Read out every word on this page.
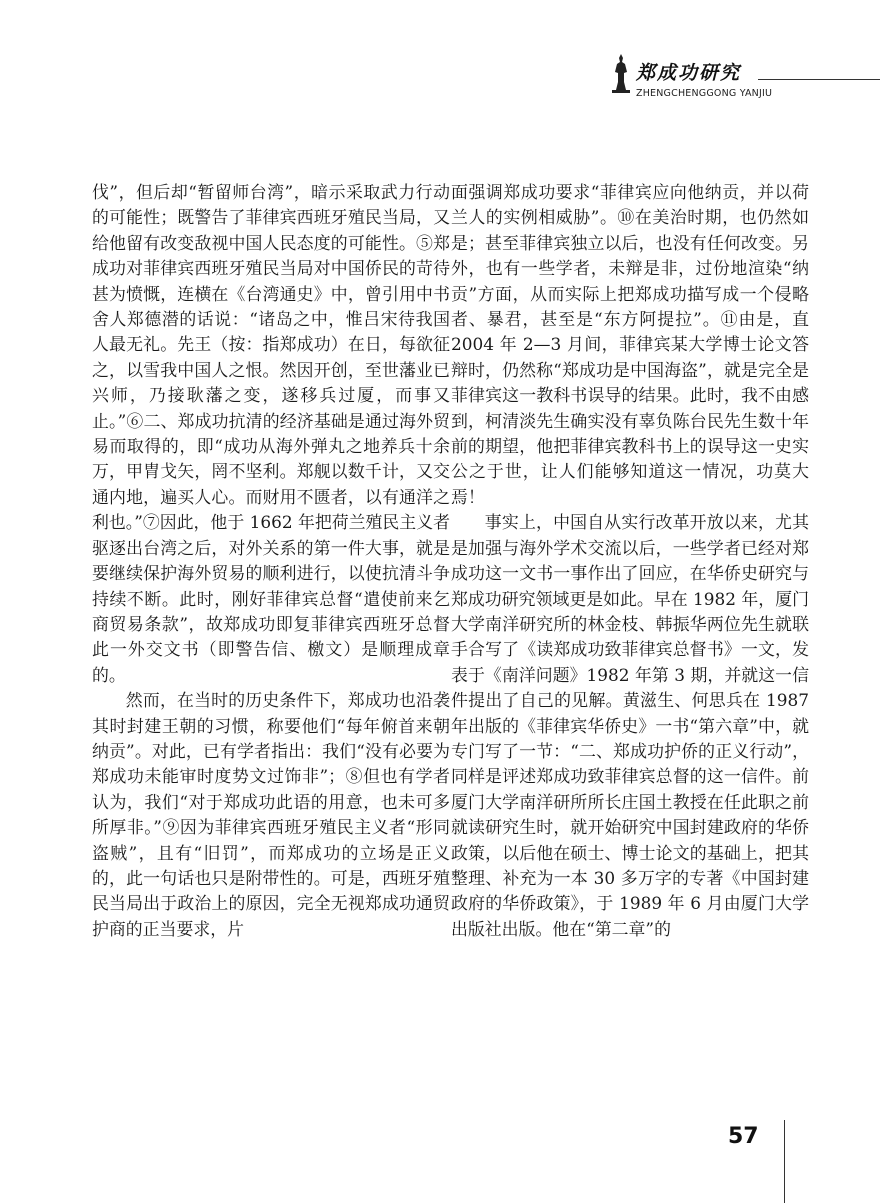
郑成功研究
ZHENGCHENGGONG YANJIU

伐”，但后却“暂留师台湾”，暗示采取武力行动的可能性；既警告了菲律宾西班牙殖民当局，又给他留有改变敌视中国人民态度的可能性。⑤郑成功对菲律宾西班牙殖民当局对中国侨民的苛待甚为愤慨，连横在《台湾通史》中，曾引用中书舍人郑德潜的话说：“诸岛之中，惟吕宋待我国人最无礼。先王（按：指郑成功）在日，每欲征之，以雪我中国人之恨。然因开创，至世藩业已兴师，乃接耿藩之变，遂移兵过厦，而事又止。”⑥二、郑成功抗清的经济基础是通过海外贸易而取得的，即“成功从海外弹丸之地养兵十余万，甲胄戈矢，罔不坚利。郑舰以数千计，又交通内地，遍买人心。而财用不匮者，以有通洋之利也。”⑦因此，他于 1662 年把荷兰殖民主义者驱逐出台湾之后，对外关系的第一件大事，就是要继续保护海外贸易的顺利进行，以使抗清斗争持续不断。此时，刚好菲律宾总督“遣使前来乞商贸易条款”，故郑成功即复菲律宾西班牙总督此一外交文书（即警告信、檄文）是顺理成章的。

然而，在当时的历史条件下，郑成功也沿袭其时封建王朝的习惯，称要他们“每年俯首来朝纳贡”。对此，已有学者指出：我们“没有必要为郑成功未能审时度势文过饰非”；⑧但也有学者认为，我们“对于郑成功此语的用意，也未可多所厚非。”⑨因为菲律宾西班牙殖民主义者“形同盗贼”，且有“旧罚”，而郑成功的立场是正义的，此一句话也只是附带性的。可是，西班牙殖民当局出于政治上的原因，完全无视郑成功通贸护商的正当要求，片

面强调郑成功要求“菲律宾应向他纳贡，并以荷兰人的实例相威胁”。⑩在美治时期，也仍然如是；甚至菲律宾独立以后，也没有任何改变。另外，也有一些学者，未辩是非，过份地渲染“纳贡”方面，从而实际上把郑成功描写成一个侵略者、暴君，甚至是“东方阿提拉”。⑪由是，直 2004 年 2—3 月间，菲律宾某大学博士论文答辩时，仍然称“郑成功是中国海盗”，就是完全是菲律宾这一教科书误导的结果。此时，我不由感到，柯清淡先生确实没有辜负陈台民先生数十年前的期望，他把菲律宾教科书上的误导这一史实公之于世，让人们能够知道这一情况，功莫大焉！

事实上，中国自从实行改革开放以来，尤其是加强与海外学术交流以后，一些学者已经对郑成功这一文书一事作出了回应，在华侨史研究与郑成功研究领域更是如此。早在 1982 年，厦门大学南洋研究所的林金枝、韩振华两位先生就联手合写了《读郑成功致菲律宾总督书》一文，发表于《南洋问题》1982 年第 3 期，并就这一信件提出了自己的见解。黄滋生、何思兵在 1987 年出版的《菲律宾华侨史》一书“第六章”中，就专门写了一节：“二、郑成功护侨的正义行动”，同样是评述郑成功致菲律宾总督的这一信件。前厦门大学南洋研所所长庄国土教授在任此职之前就读研究生时，就开始研究中国封建政府的华侨政策，以后他在硕士、博士论文的基础上，把其整理、补充为一本 30 多万字的专著《中国封建政府的华侨政策》，于 1989 年 6 月由厦门大学出版社出版。他在“第二章”的

57
